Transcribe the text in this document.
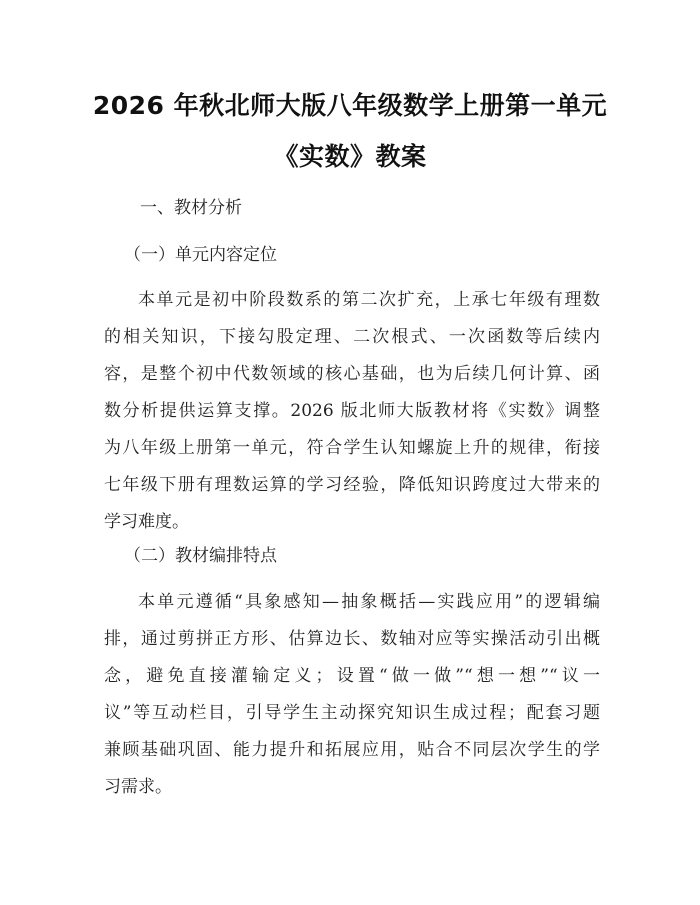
2026 年秋北师大版八年级数学上册第一单元
《实数》教案
一、教材分析
（一）单元内容定位
本单元是初中阶段数系的第二次扩充，上承七年级有理数
的相关知识，下接勾股定理、二次根式、一次函数等后续内
容，是整个初中代数领域的核心基础，也为后续几何计算、函
数分析提供运算支撑。2026 版北师大版教材将《实数》调整
为八年级上册第一单元，符合学生认知螺旋上升的规律，衔接
七年级下册有理数运算的学习经验，降低知识跨度过大带来的
学习难度。
（二）教材编排特点
本单元遵循“具象感知—抽象概括—实践应用”的逻辑编
排，通过剪拼正方形、估算边长、数轴对应等实操活动引出概
念，避免直接灌输定义；设置“做一做”“想一想”“议一
议”等互动栏目，引导学生主动探究知识生成过程；配套习题
兼顾基础巩固、能力提升和拓展应用，贴合不同层次学生的学
习需求。
